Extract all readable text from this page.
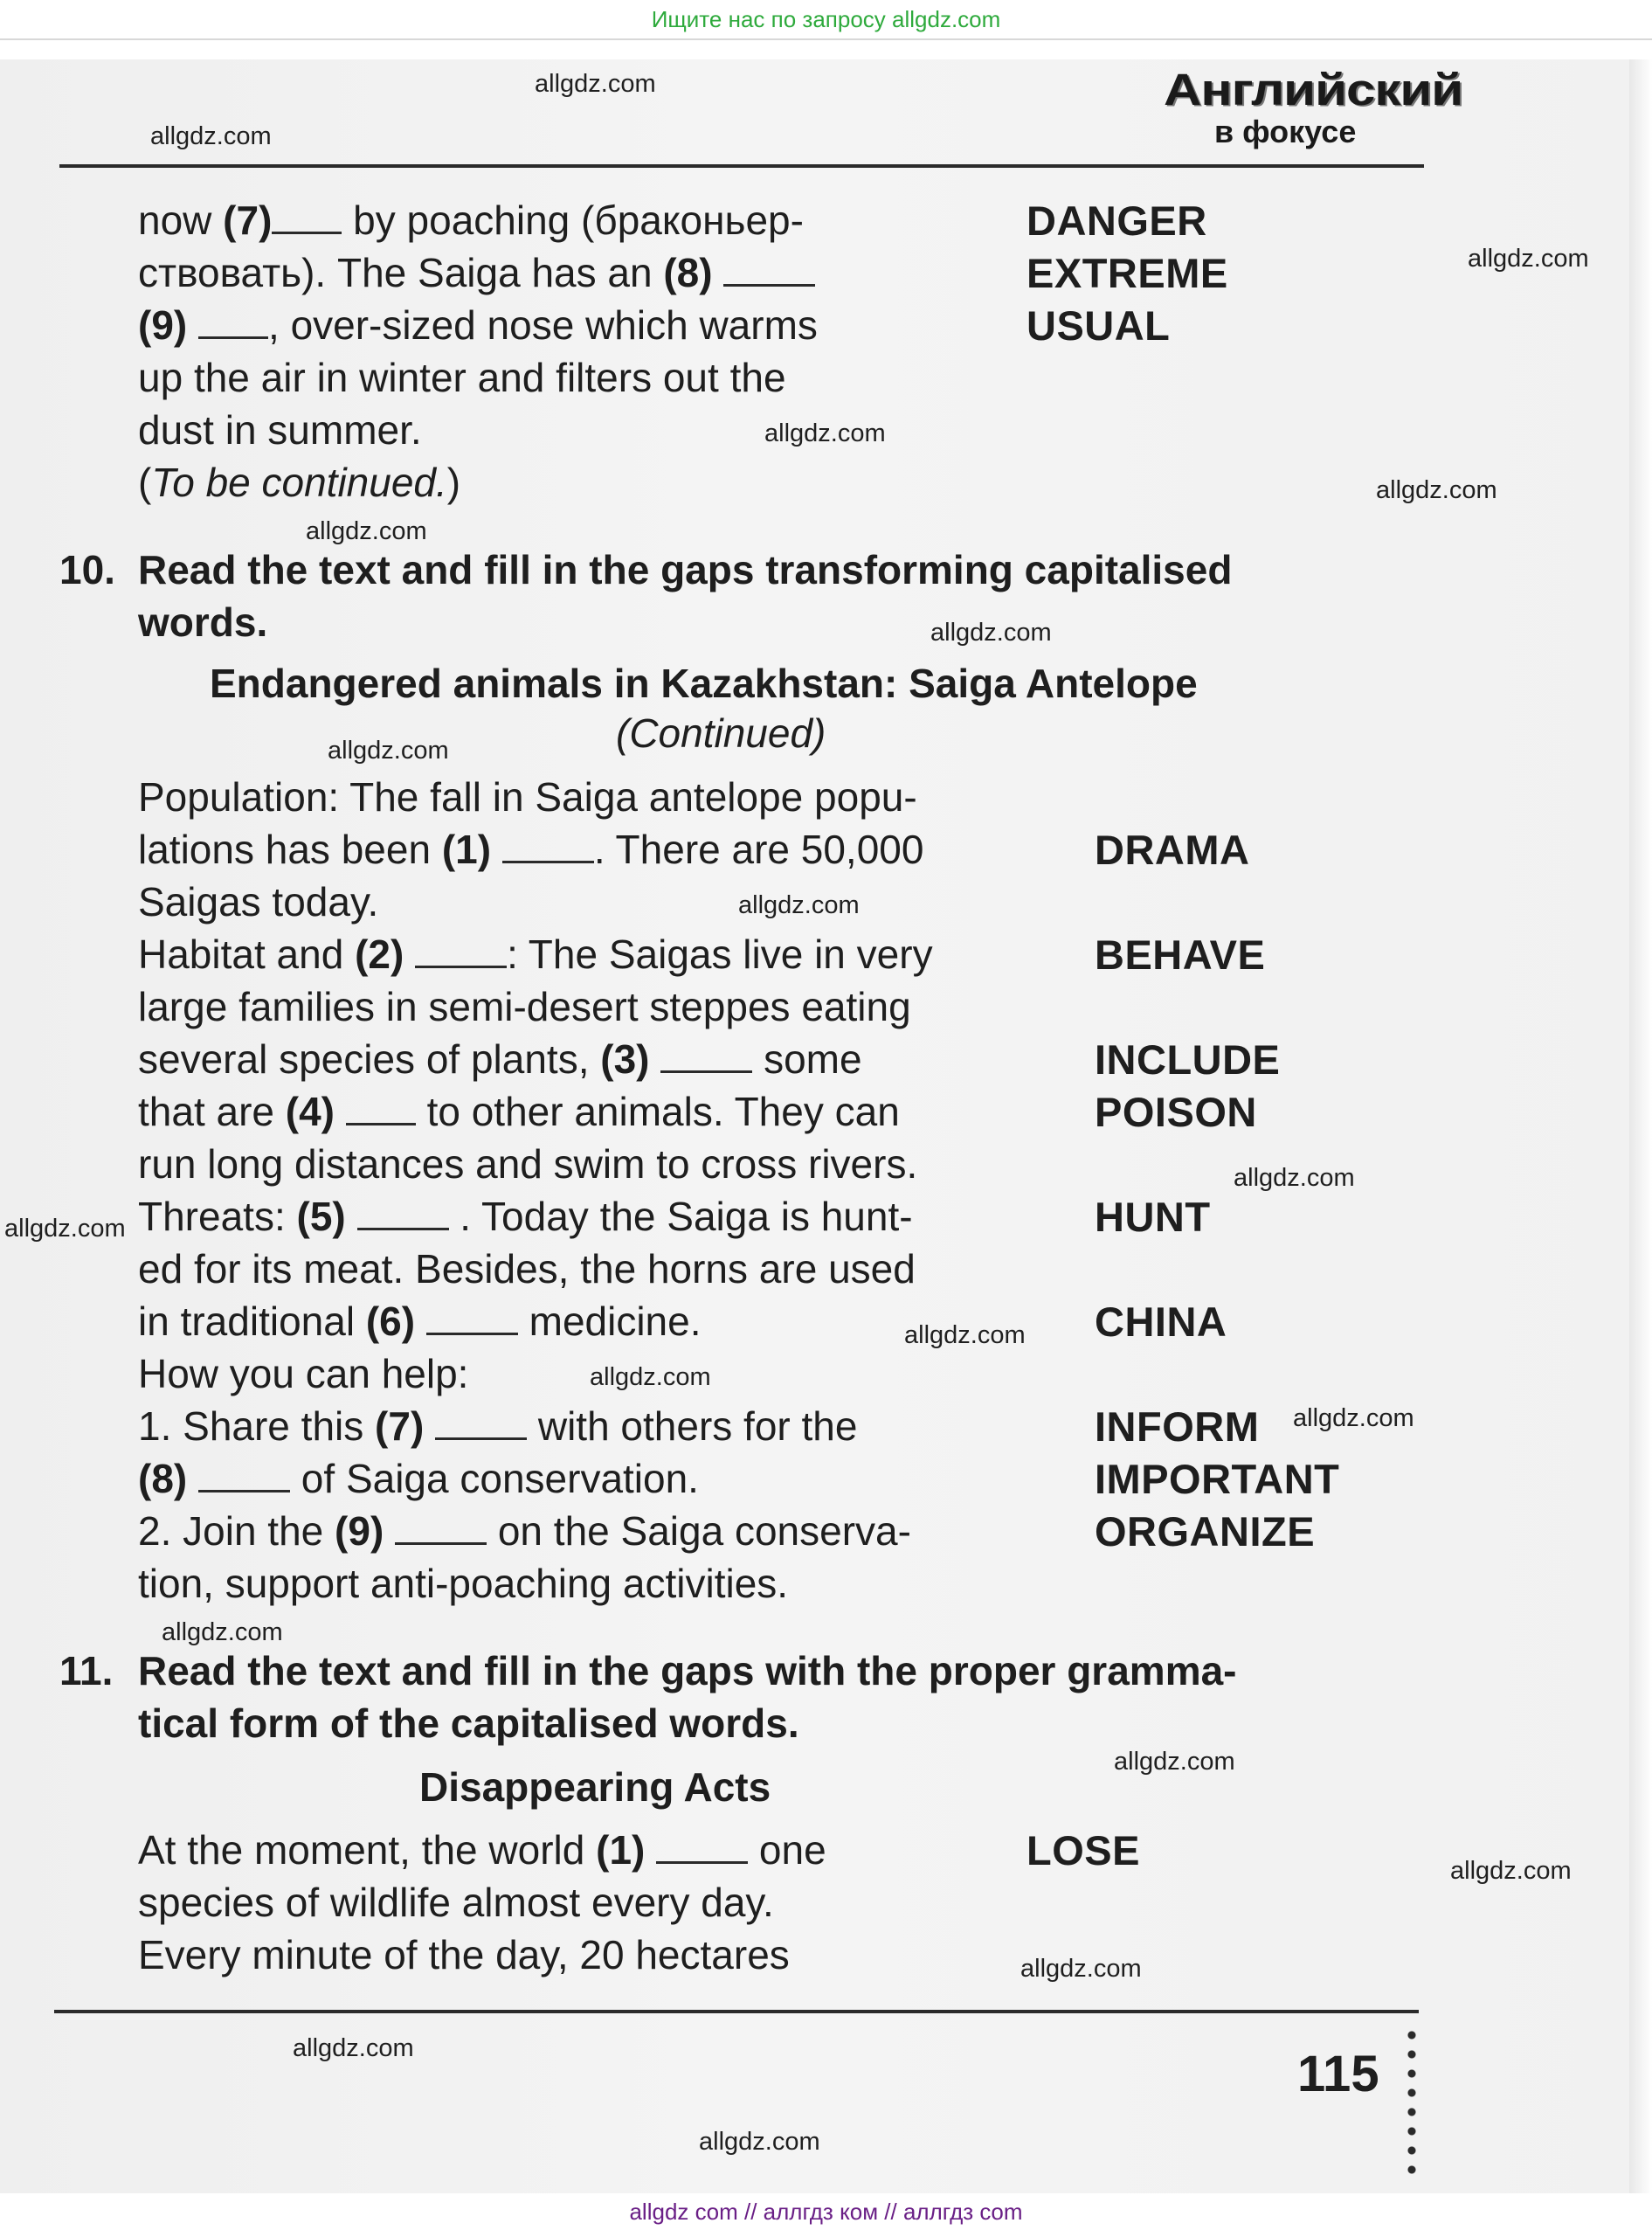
Ищите нас по запросу allgdz.com
Английский
в фокусе
now (7) by poaching (браконьер-
ствовать). The Saiga has an (8)
(9) , over-sized nose which warms
up the air in winter and filters out the
dust in summer.
(To be continued.)
DANGER
EXTREME
USUAL
10. Read the text and fill in the gaps transforming capitalised
words.
Endangered animals in Kazakhstan: Saiga Antelope
(Continued)
Population: The fall in Saiga antelope popu-
lations has been (1)	. There are 50,000
Saigas today.
Habitat and (2)	: The Saigas live in very
large families in semi-desert steppes eating
several species of plants, (3)	some
that are (4)  to other animals. They can
run long distances and swim to cross rivers.
Threats: (5)	. Today the Saiga is hunt-
ed for its meat. Besides, the horns are used
in traditional (6)	medicine.
How you can help:
1. Share this (7)	with others for the
(8)	of Saiga conservation.
2. Join the (9)	on the Saiga conserva-
tion, support anti-poaching activities.
DRAMA
BEHAVE
INCLUDE
POISON
HUNT
CHINA
INFORM
IMPORTANT
ORGANIZE
11. Read the text and fill in the gaps with the proper gramma-
tical form of the capitalised words.
Disappearing Acts
At the moment, the world (1)	one
species of wildlife almost every day.
Every minute of the day, 20 hectares
LOSE
115
allgdz.com
allgdz.com
allgdz.com
allgdz.com
allgdz.com
allgdz.com
allgdz.com
allgdz.com
allgdz.com
allgdz.com
allgdz.com
allgdz.com
allgdz.com
allgdz.com
allgdz.com
allgdz.com
allgdz.com
allgdz.com
allgdz.com
allgdz.com
allgdz com // аллгдз ком // аллгдз com
